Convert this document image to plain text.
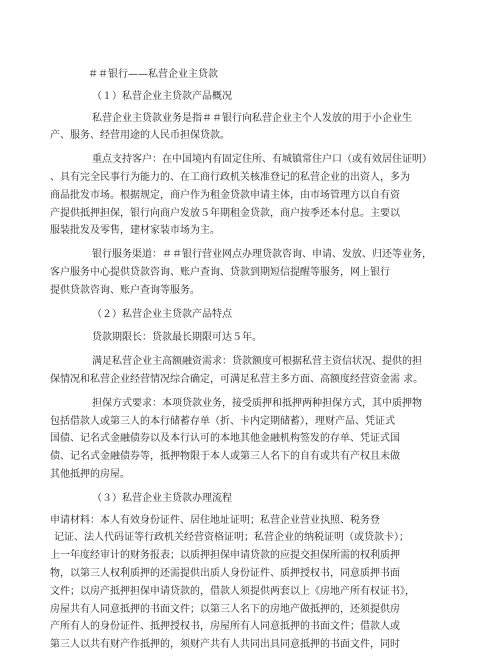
＃＃银行——私营企业主贷款
（１）私营企业主贷款产品概况
私营企业主贷款业务是指＃＃银行向私营企业主个人发放的用于小企业生
产、服务、经营用途的人民币担保贷款。
重点支持客户：在中国境内有固定住所、有城镇常住户口（或有效居住证明）
、具有完全民事行为能力的、在工商行政机关核准登记的私营企业的出资人，多为
商品批发市场。根据规定，商户作为租金贷款申请主体，由市场管理方以自有资
产提供抵押担保，银行向商户发放５年期租金贷款，商户按季还本付息。主要以
服装批发及零售，建材家装市场为主。
银行服务渠道：＃＃银行营业网点办理贷款咨询、申请、发放、归还等业务，
客户服务中心提供贷款咨询、账户查询、贷款到期短信提醒等服务，网上银行
提供贷款咨询、账户查询等服务。
（２）私营企业主贷款产品特点
贷款期限长：贷款最长期限可达５年。
满足私营企业主高额融资需求：贷款额度可根据私营主资信状况、提供的担
保情况和私营企业经营情况综合确定，可满足私营主多方面、高额度经营资金需 求。
担保方式要求：本项贷款业务，接受质押和抵押两种担保方式，其中质押物
包括借款人或第三人的本行储蓄存单（折、卡内定期储蓄），理财产品、凭证式
国债、记名式金融债券以及本行认可的本地其他金融机构签发的存单、凭证式国
债、记名式金融债券等，抵押物限于本人或第三人名下的自有或共有产权且未做
其他抵押的房屋。
（３）私营企业主贷款办理流程
申请材料：本人有效身份证件、居住地址证明；私营企业营业执照、税务登
记证、法人代码证等行政机关经营资格证明；私营企业的纳税证明（或贷款卡）；
上一年度经审计的财务报表；以质押担保申请贷款的应提交担保所需的权利质押
物，以第三人权利质押的还需提供出质人身份证件、质押授权书，同意质押书面
文件；以房产抵押担保申请贷款的，借款人须提供两套以上《房地产所有权证书》，
房屋共有人同意抵押的书面文件；以第三人名下的房地产做抵押的，还须提供房
产所有人的身份证件、抵押授权书，房屋所有人同意抵押的书面文件；借款人或
第三人以共有财产作抵押的，须财产共有人共同出具同意抵押的书面文件，同时
